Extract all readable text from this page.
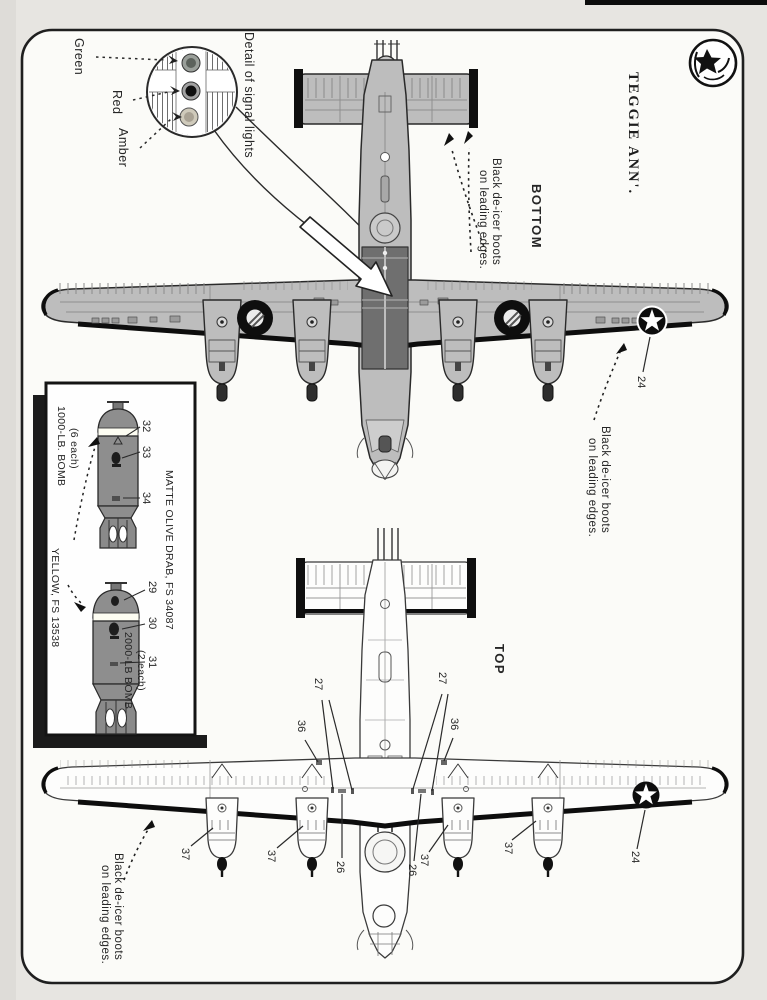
Green
Red
Amber	Detail of signal lights	TEGGIE ANN'.
BOTTOM
TOP
Black de-icer boots
on leading edges.
Black de-icer boots
on leading edges.
Black de-icer boots
on leading edges.
24
27	27
36	36
37	37	37
37
26	26
24
1000-LB. BOMB (6 each)
32
33
34 MATTE OLIVE DRAB, FS 34087
YELLOW, FS 13538	29
30
31
2000-LB BOMB (2 each)
